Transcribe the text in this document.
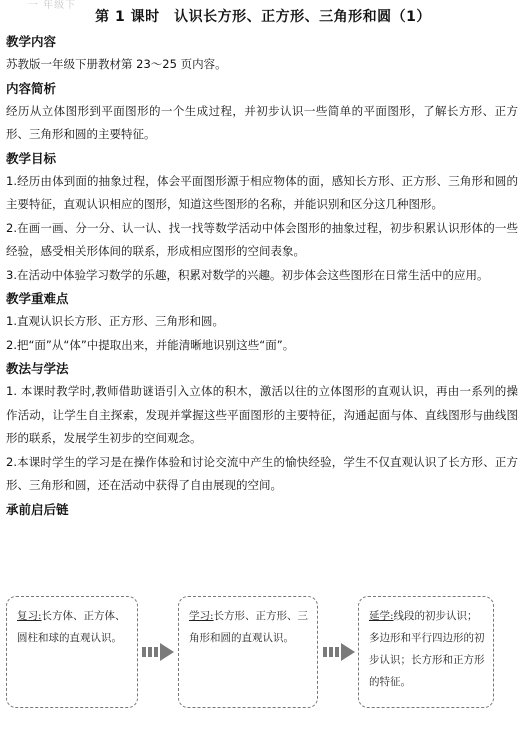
一 年级下
第 1 课时　认识长方形、正方形、三角形和圆（1）

教学内容

苏教版一年级下册教材第 23～25 页内容。

内容简析

经历从立体图形到平面图形的一个生成过程，并初步认识一些简单的平面图形，了解长方形、正方形、三角形和圆的主要特征。

教学目标

1.经历由体到面的抽象过程，体会平面图形源于相应物体的面，感知长方形、正方形、三角形和圆的主要特征，直观认识相应的图形，知道这些图形的名称，并能识别和区分这几种图形。

2.在画一画、分一分、认一认、找一找等数学活动中体会图形的抽象过程，初步积累认识形体的一些经验，感受相关形体间的联系，形成相应图形的空间表象。

3.在活动中体验学习数学的乐趣，积累对数学的兴趣。初步体会这些图形在日常生活中的应用。

教学重难点

1.直观认识长方形、正方形、三角形和圆。

2.把“面”从“体”中提取出来，并能清晰地识别这些“面”。

教法与学法

1. 本课时教学时,教师借助谜语引入立体的积木，激活以往的立体图形的直观认识，再由一系列的操作活动，让学生自主探索，发现并掌握这些平面图形的主要特征，沟通起面与体、直线图形与曲线图形的联系，发展学生初步的空间观念。

2.本课时学生的学习是在操作体验和讨论交流中产生的愉快经验，学生不仅直观认识了长方形、正方形、三角形和圆，还在活动中获得了自由展现的空间。

承前启后链

复习:长方体、正方体、圆柱和球的直观认识。
学习:长方形、正方形、三角形和圆的直观认识。
延学:线段的初步认识；多边形和平行四边形的初步认识；长方形和正方形的特征。
